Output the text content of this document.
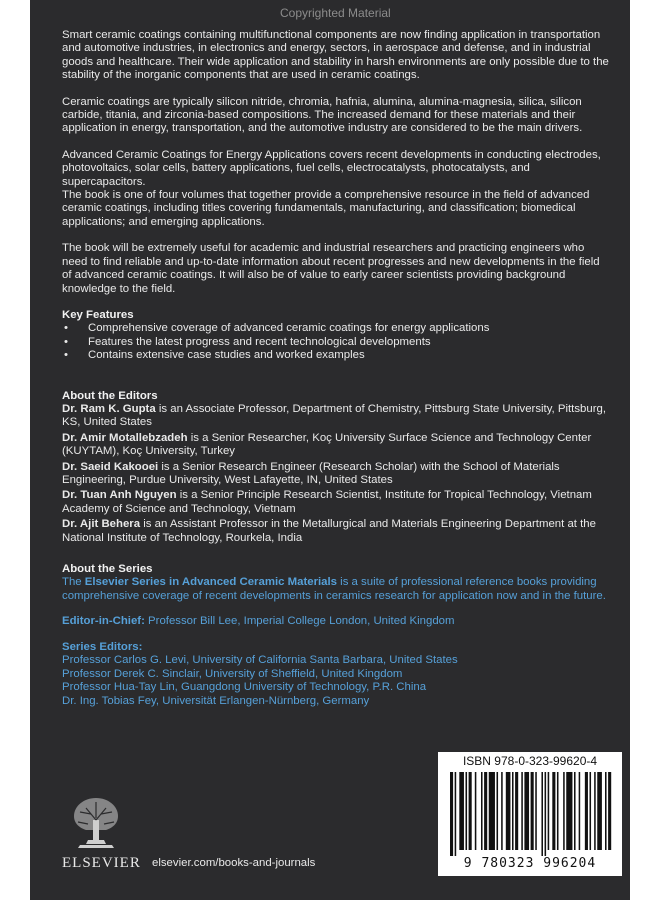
Copyrighted Material

Smart ceramic coatings containing multifunctional components are now finding application in transportation and automotive industries, in electronics and energy, sectors, in aerospace and defense, and in industrial goods and healthcare. Their wide application and stability in harsh environments are only possible due to the stability of the inorganic components that are used in ceramic coatings.

Ceramic coatings are typically silicon nitride, chromia, hafnia, alumina, alumina-magnesia, silica, silicon carbide, titania, and zirconia-based compositions. The increased demand for these materials and their application in energy, transportation, and the automotive industry are considered to be the main drivers.

Advanced Ceramic Coatings for Energy Applications covers recent developments in conducting electrodes, photovoltaics, solar cells, battery applications, fuel cells, electrocatalysts, photocatalysts, and supercapacitors.

The book is one of four volumes that together provide a comprehensive resource in the field of advanced ceramic coatings, including titles covering fundamentals, manufacturing, and classification; biomedical applications; and emerging applications.

The book will be extremely useful for academic and industrial researchers and practicing engineers who need to find reliable and up-to-date information about recent progresses and new developments in the field of advanced ceramic coatings. It will also be of value to early career scientists providing background knowledge to the field.

Key Features
• Comprehensive coverage of advanced ceramic coatings for energy applications
• Features the latest progress and recent technological developments
• Contains extensive case studies and worked examples
About the Editors
Dr. Ram K. Gupta is an Associate Professor, Department of Chemistry, Pittsburg State University, Pittsburg, KS, United States
Dr. Amir Motallebzadeh is a Senior Researcher, Koç University Surface Science and Technology Center (KUYTAM), Koç University, Turkey
Dr. Saeid Kakooei is a Senior Research Engineer (Research Scholar) with the School of Materials Engineering, Purdue University, West Lafayette, IN, United States
Dr. Tuan Anh Nguyen is a Senior Principle Research Scientist, Institute for Tropical Technology, Vietnam Academy of Science and Technology, Vietnam
Dr. Ajit Behera is an Assistant Professor in the Metallurgical and Materials Engineering Department at the National Institute of Technology, Rourkela, India
About the Series

The Elsevier Series in Advanced Ceramic Materials is a suite of professional reference books providing comprehensive coverage of recent developments in ceramics research for application now and in the future.

Editor-in-Chief: Professor Bill Lee, Imperial College London, United Kingdom

Series Editors:
Professor Carlos G. Levi, University of California Santa Barbara, United States
Professor Derek C. Sinclair, University of Sheffield, United Kingdom
Professor Hua-Tay Lin, Guangdong University of Technology, P.R. China
Dr. Ing. Tobias Fey, Universität Erlangen-Nürnberg, Germany
ELSEVIER elsevier.com/books-and-journals
ISBN 978-0-323-99620-4
9 780323 996204
